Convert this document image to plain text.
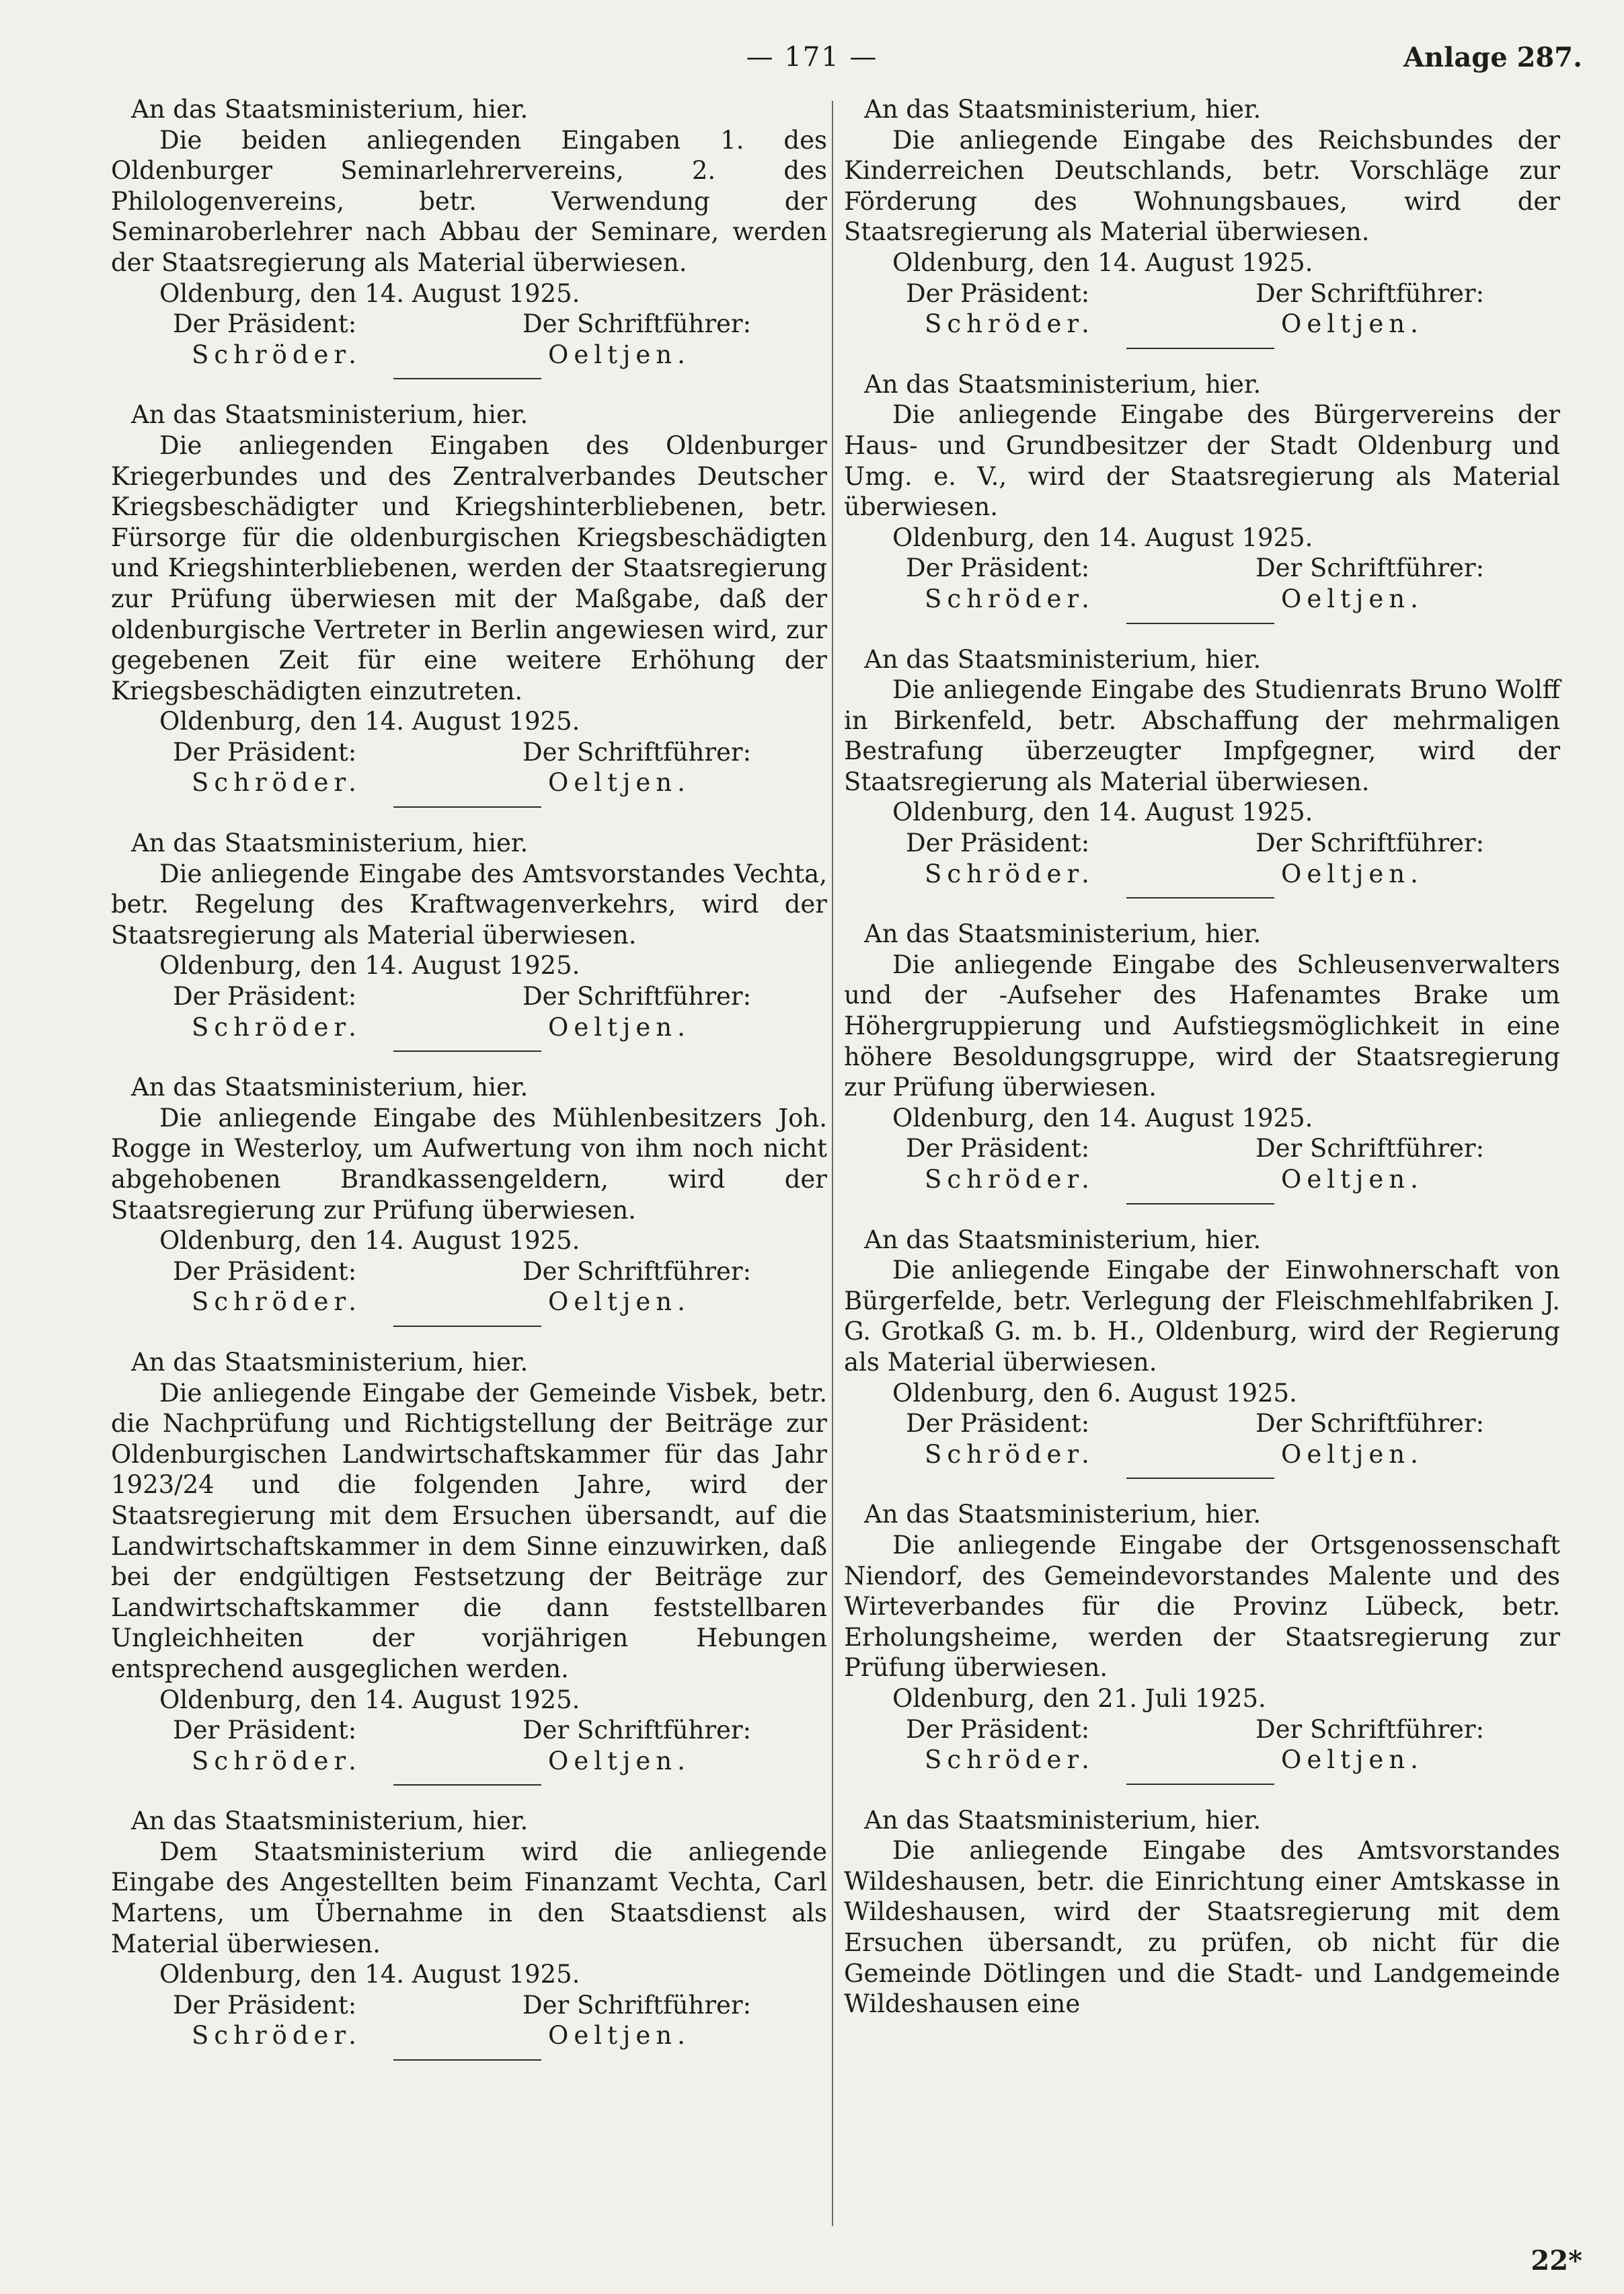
— 171 —	Anlage 287.

An das Staatsministerium, hier.

Die beiden anliegenden Eingaben 1. des Oldenburger Seminarlehrervereins, 2. des Philologenvereins, betr. Verwendung der Seminaroberlehrer nach Abbau der Seminare, werden der Staatsregierung als Material überwiesen.

Oldenburg, den 14. August 1925.

Der Präsident:	Der Schriftführer:
Schröder.	Oeltjen.

An das Staatsministerium, hier.

Die anliegenden Eingaben des Oldenburger Kriegerbundes und des Zentralverbandes Deutscher Kriegsbeschädigter und Kriegshinterbliebenen, betr. Fürsorge für die oldenburgischen Kriegsbeschädigten und Kriegshinterbliebenen, werden der Staatsregierung zur Prüfung überwiesen mit der Maßgabe, daß der oldenburgische Vertreter in Berlin angewiesen wird, zur gegebenen Zeit für eine weitere Erhöhung der Kriegsbeschädigten einzutreten.

Oldenburg, den 14. August 1925.

Der Präsident:	Der Schriftführer:
Schröder.	Oeltjen.

An das Staatsministerium, hier.

Die anliegende Eingabe des Amtsvorstandes Vechta, betr. Regelung des Kraftwagenverkehrs, wird der Staatsregierung als Material überwiesen.

Oldenburg, den 14. August 1925.

Der Präsident:	Der Schriftführer:
Schröder.	Oeltjen.

An das Staatsministerium, hier.

Die anliegende Eingabe des Mühlenbesitzers Joh. Rogge in Westerloy, um Aufwertung von ihm noch nicht abgehobenen Brandkassengeldern, wird der Staatsregierung zur Prüfung überwiesen.

Oldenburg, den 14. August 1925.

Der Präsident:	Der Schriftführer:
Schröder.	Oeltjen.

An das Staatsministerium, hier.

Die anliegende Eingabe der Gemeinde Visbek, betr. die Nachprüfung und Richtigstellung der Beiträge zur Oldenburgischen Landwirtschaftskammer für das Jahr 1923/24 und die folgenden Jahre, wird der Staatsregierung mit dem Ersuchen übersandt, auf die Landwirtschaftskammer in dem Sinne einzuwirken, daß bei der endgültigen Festsetzung der Beiträge zur Landwirtschaftskammer die dann feststellbaren Ungleichheiten der vorjährigen Hebungen entsprechend ausgeglichen werden.

Oldenburg, den 14. August 1925.

Der Präsident:	Der Schriftführer:
Schröder.	Oeltjen.

An das Staatsministerium, hier.

Dem Staatsministerium wird die anliegende Eingabe des Angestellten beim Finanzamt Vechta, Carl Martens, um Übernahme in den Staatsdienst als Material überwiesen.

Oldenburg, den 14. August 1925.

Der Präsident:	Der Schriftführer:
Schröder.	Oeltjen.

An das Staatsministerium, hier.

Die anliegende Eingabe des Reichsbundes der Kinderreichen Deutschlands, betr. Vorschläge zur Förderung des Wohnungsbaues, wird der Staatsregierung als Material überwiesen.

Oldenburg, den 14. August 1925.

Der Präsident:	Der Schriftführer:
Schröder.	Oeltjen.

An das Staatsministerium, hier.

Die anliegende Eingabe des Bürgervereins der Haus- und Grundbesitzer der Stadt Oldenburg und Umg. e. V., wird der Staatsregierung als Material überwiesen.

Oldenburg, den 14. August 1925.

Der Präsident:	Der Schriftführer:
Schröder.	Oeltjen.

An das Staatsministerium, hier.

Die anliegende Eingabe des Studienrats Bruno Wolff in Birkenfeld, betr. Abschaffung der mehrmaligen Bestrafung überzeugter Impfgegner, wird der Staatsregierung als Material überwiesen.

Oldenburg, den 14. August 1925.

Der Präsident:	Der Schriftführer:
Schröder.	Oeltjen.

An das Staatsministerium, hier.

Die anliegende Eingabe des Schleusenverwalters und der -Aufseher des Hafenamtes Brake um Höhergruppierung und Aufstiegsmöglichkeit in eine höhere Besoldungsgruppe, wird der Staatsregierung zur Prüfung überwiesen.

Oldenburg, den 14. August 1925.

Der Präsident:	Der Schriftführer:
Schröder.	Oeltjen.

An das Staatsministerium, hier.

Die anliegende Eingabe der Einwohnerschaft von Bürgerfelde, betr. Verlegung der Fleischmehlfabriken J. G. Grotkaß G. m. b. H., Oldenburg, wird der Regierung als Material überwiesen.

Oldenburg, den 6. August 1925.

Der Präsident:	Der Schriftführer:
Schröder.	Oeltjen.

An das Staatsministerium, hier.

Die anliegende Eingabe der Ortsgenossenschaft Niendorf, des Gemeindevorstandes Malente und des Wirteverbandes für die Provinz Lübeck, betr. Erholungsheime, werden der Staatsregierung zur Prüfung überwiesen.

Oldenburg, den 21. Juli 1925.

Der Präsident:	Der Schriftführer:
Schröder.	Oeltjen.

An das Staatsministerium, hier.

Die anliegende Eingabe des Amtsvorstandes Wildeshausen, betr. die Einrichtung einer Amtskasse in Wildeshausen, wird der Staatsregierung mit dem Ersuchen übersandt, zu prüfen, ob nicht für die Gemeinde Dötlingen und die Stadt- und Landgemeinde Wildeshausen eine

22*
